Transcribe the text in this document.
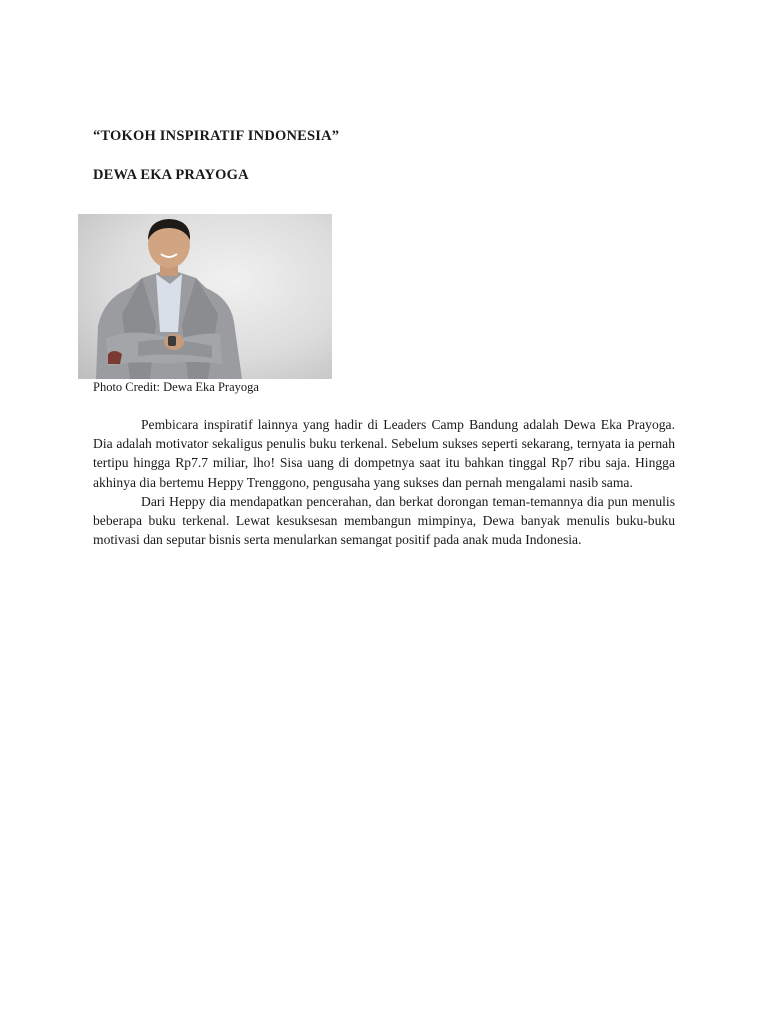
“TOKOH INSPIRATIF INDONESIA”
DEWA EKA PRAYOGA

Photo Credit: Dewa Eka Prayoga

Pembicara inspiratif lainnya yang hadir di Leaders Camp Bandung adalah Dewa Eka Prayoga. Dia adalah motivator sekaligus penulis buku terkenal. Sebelum sukses seperti sekarang, ternyata ia pernah tertipu hingga Rp7.7 miliar, lho! Sisa uang di dompetnya saat itu bahkan tinggal Rp7 ribu saja. Hingga akhinya dia bertemu Heppy Trenggono, pengusaha yang sukses dan pernah mengalami nasib sama.

Dari Heppy dia mendapatkan pencerahan, dan berkat dorongan teman-temannya dia pun menulis beberapa buku terkenal. Lewat kesuksesan membangun mimpinya, Dewa banyak menulis buku-buku motivasi dan seputar bisnis serta menularkan semangat positif pada anak muda Indonesia.
